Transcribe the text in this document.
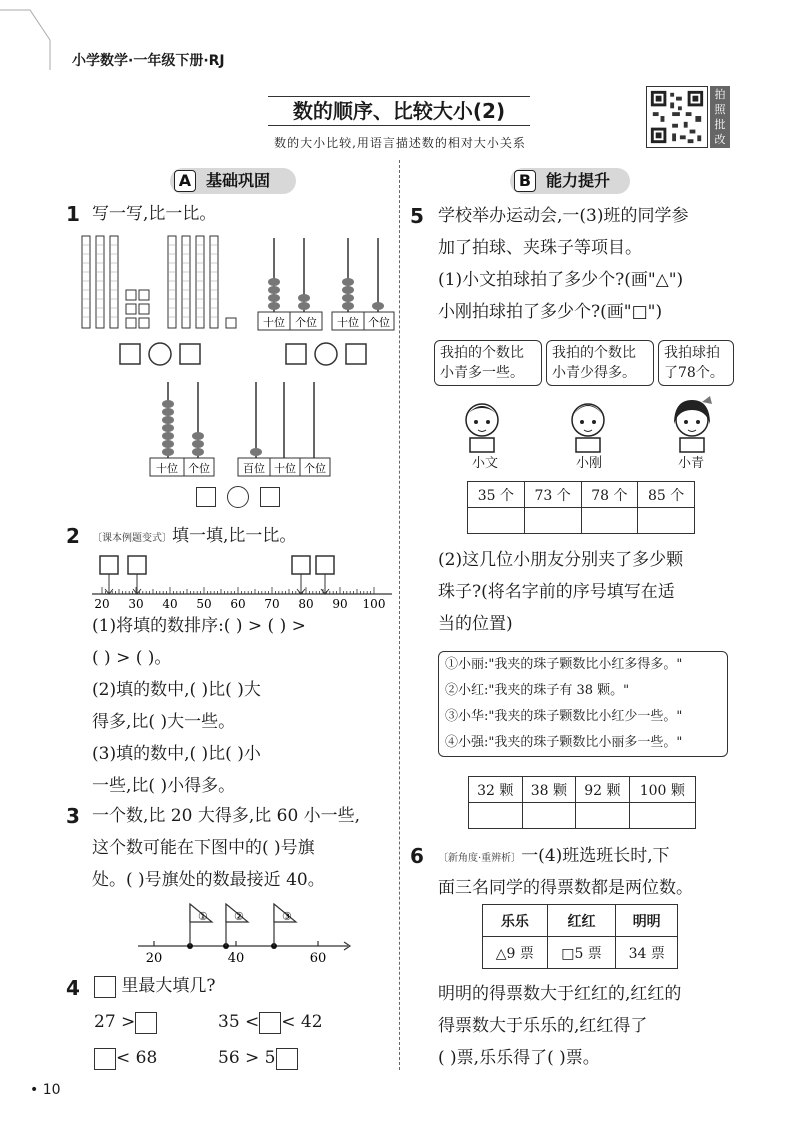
小学数学·一年级下册·RJ
数的顺序、比较大小(2)
数的大小比较,用语言描述数的相对大小关系
拍照批改
A 基础巩固	B 能力提升
1 写一写,比一比。
十位 个位 十位 个位
十位 个位	百位 十位 个位

2 〔课本例题变式〕填一填,比一比。
20 30 40 50 60 70 80 90 100
(1)将填的数排序:( ) > ( ) >
( ) > ( )。
(2)填的数中,( )比( )大
得多,比( )大一些。
(3)填的数中,( )比( )小
一些,比( )小得多。
3 一个数,比 20 大得多,比 60 小一些,
这个数可能在下图中的( )号旗
处。( )号旗处的数最接近 40。
① ②	③
20	40	60
4	里最大填几?
27 >	35 < < 42
< 68	56 > 5
5 学校举办运动会,一(3)班的同学参
加了拍球、夹珠子等项目。
(1)小文拍球拍了多少个?(画"△")
小刚拍球拍了多少个?(画"□")
我拍的个数比小青多一些。
我拍的个数比小青少得多。
我拍球拍了78个。
小文	小刚	小青
35 个	73 个	78 个	85 个

(2)这几位小朋友分别夹了多少颗
珠子?(将名字前的序号填写在适
当的位置)
①小丽:"我夹的珠子颗数比小红多得多。"
②小红:"我夹的珠子有 38 颗。"
③小华:"我夹的珠子颗数比小红少一些。"
④小强:"我夹的珠子颗数比小丽多一些。"
32 颗	38 颗	92 颗	100 颗

6 〔新角度·重辨析〕一(4)班选班长时,下
面三名同学的得票数都是两位数。
乐乐	红红	明明
△9 票	□5 票	34 票
明明的得票数大于红红的,红红的
得票数大于乐乐的,红红得了
( )票,乐乐得了( )票。
• 10
